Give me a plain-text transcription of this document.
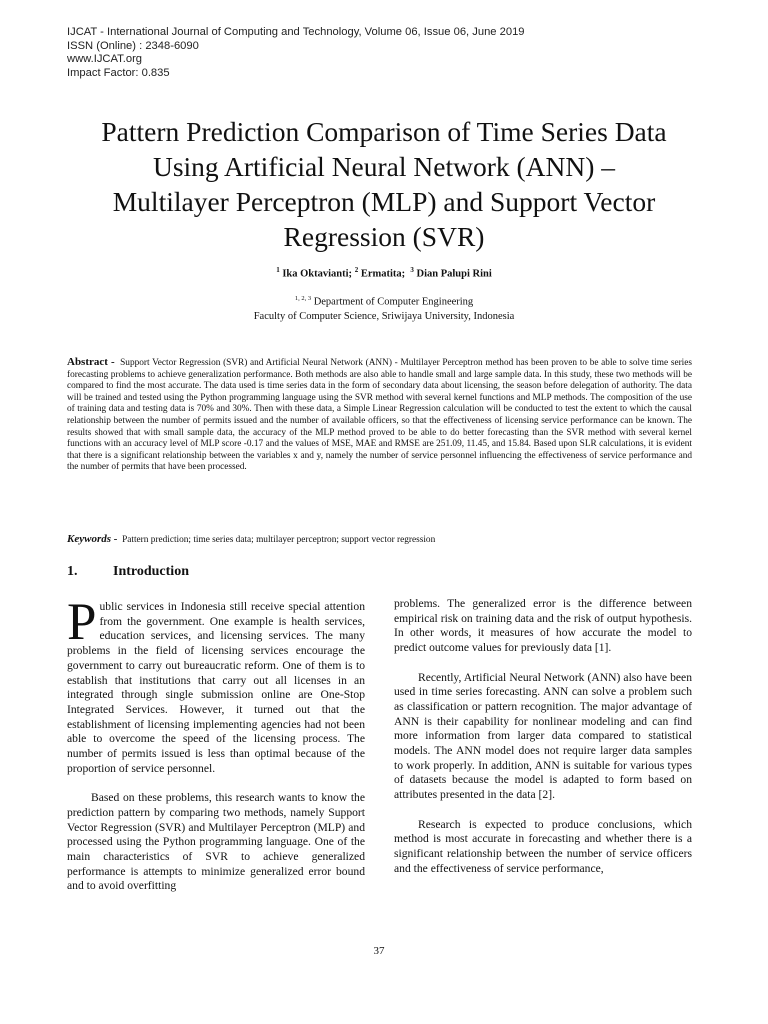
IJCAT - International Journal of Computing and Technology, Volume 06, Issue 06, June 2019
ISSN (Online) : 2348-6090
www.IJCAT.org
Impact Factor: 0.835
Pattern Prediction Comparison of Time Series Data
Using Artificial Neural Network (ANN) –
Multilayer Perceptron (MLP) and Support Vector
Regression (SVR)
$^1$ Ika Oktavianti; $^2$ Ermatita; $^3$ Dian Palupi Rini
$^{1, 2, 3}$ Department of Computer Engineering
Faculty of Computer Science, Sriwijaya University, Indonesia
Abstract - Support Vector Regression (SVR) and Artificial Neural Network (ANN) - Multilayer Perceptron method has been proven to be able to solve time series forecasting problems to achieve generalization performance. Both methods are also able to handle small and large sample data. In this study, these two methods will be compared to find the most accurate. The data used is time series data in the form of secondary data about licensing, the season before delegation of authority. The data will be trained and tested using the Python programming language using the SVR method with several kernel functions and MLP methods. The composition of the use of training data and testing data is 70% and 30%. Then with these data, a Simple Linear Regression calculation will be conducted to test the extent to which the causal relationship between the number of permits issued and the number of available officers, so that the effectiveness of licensing service performance can be known. The results showed that with small sample data, the accuracy of the MLP method proved to be able to do better forecasting than the SVR method with several kernel functions with an accuracy level of MLP score -0.17 and the values of MSE, MAE and RMSE are 251.09, 11.45, and 15.84. Based upon SLR calculations, it is evident that there is a significant relationship between the variables x and y, namely the number of service personnel influencing the effectiveness of service performance and the number of permits that have been processed.
Keywords - Pattern prediction; time series data; multilayer perceptron; support vector regression
1.	Introduction

Public services in Indonesia still receive special attention from the government. One example is health services, education services, and licensing services. The many problems in the field of licensing services encourage the government to carry out bureaucratic reform. One of them is to establish that institutions that carry out all licenses in an integrated through single submission online are One-Stop Integrated Services. However, it turned out that the establishment of licensing implementing agencies had not been able to overcome the speed of the licensing process. The number of permits issued is less than optimal because of the proportion of service personnel.

Based on these problems, this research wants to know the prediction pattern by comparing two methods, namely Support Vector Regression (SVR) and Multilayer Perceptron (MLP) and processed using the Python programming language. One of the main characteristics of SVR to achieve generalized performance is attempts to minimize generalized error bound and to avoid overfitting

problems. The generalized error is the difference between empirical risk on training data and the risk of output hypothesis. In other words, it measures of how accurate the model to predict outcome values for previously data [1].

Recently, Artificial Neural Network (ANN) also have been used in time series forecasting. ANN can solve a problem such as classification or pattern recognition. The major advantage of ANN is their capability for nonlinear modeling and can find more information from larger data compared to statistical models. The ANN model does not require larger data samples to work properly. In addition, ANN is suitable for various types of datasets because the model is adapted to form based on attributes presented in the data [2].

Research is expected to produce conclusions, which method is most accurate in forecasting and whether there is a significant relationship between the number of service officers and the effectiveness of service performance,

37
